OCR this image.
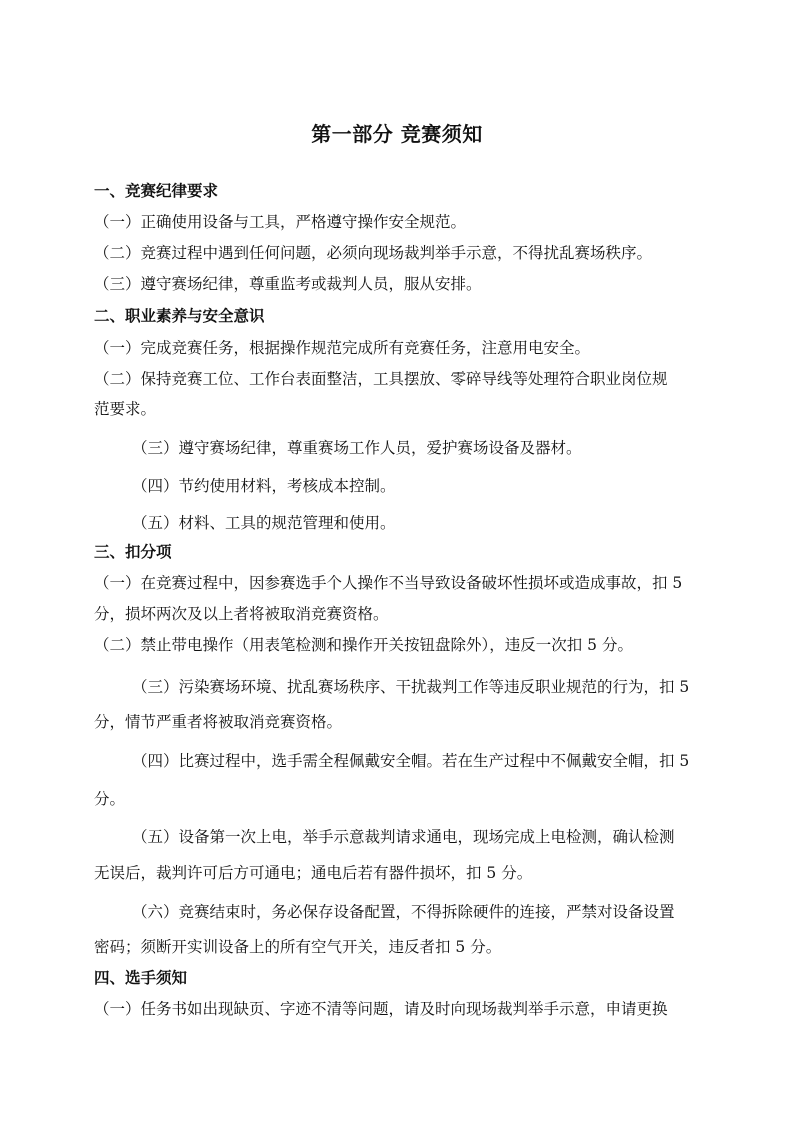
第一部分 竞赛须知
一、竞赛纪律要求
（一）正确使用设备与工具，严格遵守操作安全规范。
（二）竞赛过程中遇到任何问题，必须向现场裁判举手示意，不得扰乱赛场秩序。
（三）遵守赛场纪律，尊重监考或裁判人员，服从安排。
二、职业素养与安全意识
（一）完成竞赛任务，根据操作规范完成所有竞赛任务，注意用电安全。
（二）保持竞赛工位、工作台表面整洁，工具摆放、零碎导线等处理符合职业岗位规
范要求。
（三）遵守赛场纪律，尊重赛场工作人员，爱护赛场设备及器材。
（四）节约使用材料，考核成本控制。
（五）材料、工具的规范管理和使用。
三、扣分项
（一）在竞赛过程中，因参赛选手个人操作不当导致设备破坏性损坏或造成事故，扣 5
分，损坏两次及以上者将被取消竞赛资格。
（二）禁止带电操作（用表笔检测和操作开关按钮盘除外），违反一次扣 5 分。
（三）污染赛场环境、扰乱赛场秩序、干扰裁判工作等违反职业规范的行为，扣 5
分，情节严重者将被取消竞赛资格。
（四）比赛过程中，选手需全程佩戴安全帽。若在生产过程中不佩戴安全帽，扣 5
分。
（五）设备第一次上电，举手示意裁判请求通电，现场完成上电检测，确认检测
无误后，裁判许可后方可通电；通电后若有器件损坏，扣 5 分。
（六）竞赛结束时，务必保存设备配置，不得拆除硬件的连接，严禁对设备设置
密码；须断开实训设备上的所有空气开关，违反者扣 5 分。
四、选手须知
（一）任务书如出现缺页、字迹不清等问题，请及时向现场裁判举手示意，申请更换
